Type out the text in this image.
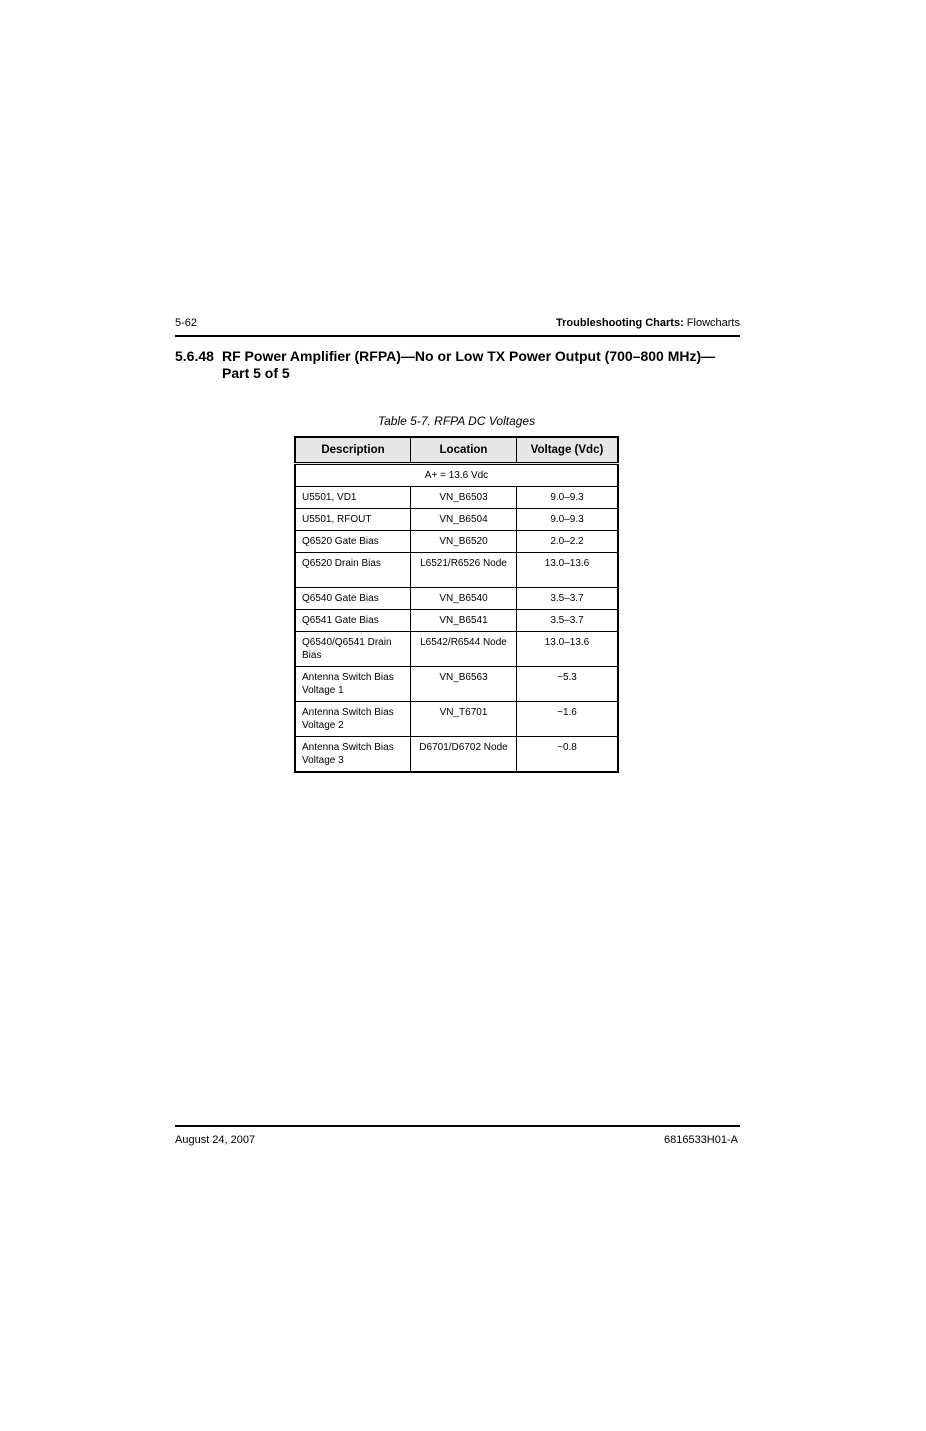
5-62	Troubleshooting Charts: Flowcharts
5.6.48 RF Power Amplifier (RFPA)—No or Low TX Power Output (700–800 MHz)—Part 5 of 5
Table 5-7. RFPA DC Voltages
Description	Location	Voltage (Vdc)
A+ = 13.6 Vdc		
U5501, VD1	VN_B6503	9.0–9.3
U5501, RFOUT	VN_B6504	9.0–9.3
Q6520 Gate Bias	VN_B6520	2.0–2.2
Q6520 Drain Bias	L6521/R6526 Node	13.0–13.6
Q6540 Gate Bias	VN_B6540	3.5–3.7
Q6541 Gate Bias	VN_B6541	3.5–3.7
Q6540/Q6541 Drain Bias	L6542/R6544 Node	13.0–13.6
Antenna Switch Bias Voltage 1	VN_B6563	~5.3
Antenna Switch Bias Voltage 2	VN_T6701	~1.6
Antenna Switch Bias Voltage 3	D6701/D6702 Node	~0.8
August 24, 2007	6816533H01-A
